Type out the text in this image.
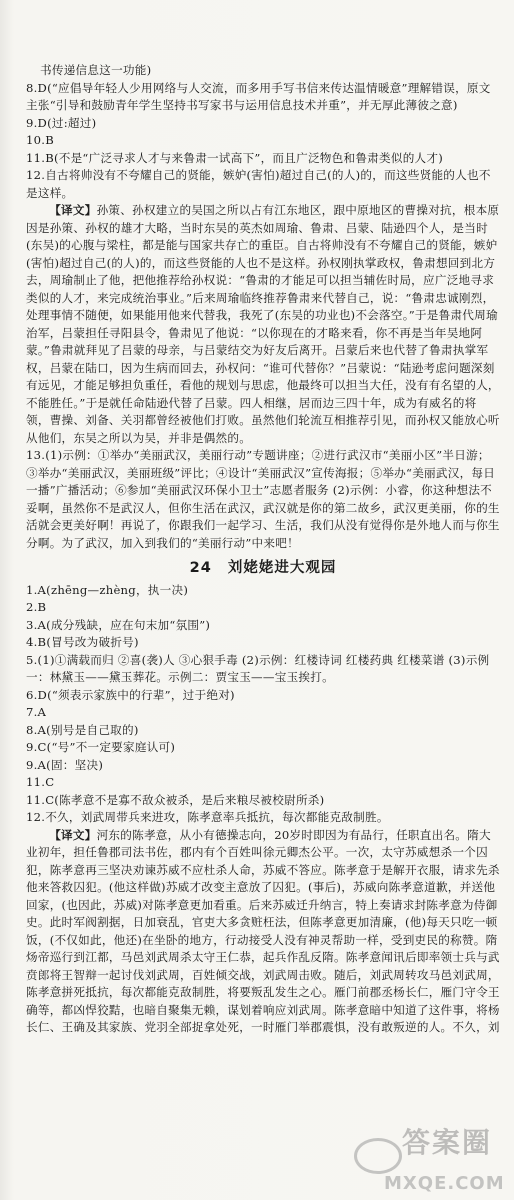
书传递信息这一功能)

8.D(“应倡导年轻人少用网络与人交流，而多用手写书信来传达温情暖意”理解错误，原文主张“引导和鼓励青年学生坚持书写家书与运用信息技术并重”，并无厚此薄彼之意)

9.D(过:超过)

10.B

11.B(不是“广泛寻求人才与来鲁肃一试高下”，而且广泛物色和鲁肃类似的人才)

12.自古将帅没有不夸耀自己的贤能，嫉妒(害怕)超过自己(的人)的，而这些贤能的人也不是这样。

【译文】孙策、孙权建立的吴国之所以占有江东地区，跟中原地区的曹操对抗，根本原因是孙策、孙权的雄才大略，当时东吴的英杰如周瑜、鲁肃、吕蒙、陆逊四个人，是当时(东吴)的心腹与梁柱，都是能与国家共存亡的重臣。自古将帅没有不夸耀自己的贤能，嫉妒(害怕)超过自己(的人)的，而这些贤能的人也不是这样。孙权刚执掌政权，鲁肃想回到北方去，周瑜制止了他，把他推荐给孙权说：“鲁肃的才能足可以担当辅佐时局，应广泛地寻求类似的人才，来完成统治事业。”后来周瑜临终推荐鲁肃来代替自己，说：“鲁肃忠诚刚烈，处理事情不随便，如果能用他来代替我，我死了(东吴的功业也)不会落空。”于是鲁肃代周瑜治军，吕蒙担任寻阳县令，鲁肃见了他说：“以你现在的才略来看，你不再是当年吴地阿蒙。”鲁肃就拜见了吕蒙的母亲，与吕蒙结交为好友后离开。吕蒙后来也代替了鲁肃执掌军权，吕蒙在陆口，因为生病而回去，孙权问：“谁可代替你？”吕蒙说：“陆逊考虑问题深刻有远见，才能足够担负重任，看他的规划与思虑，他最终可以担当大任，没有有名望的人，不能胜任。”于是就任命陆逊代替了吕蒙。四人相继，居而边三四十年，成为有威名的将领，曹操、刘备、关羽都曾经被他们打败。虽然他们轮流互相推荐引见，而孙权又能放心听从他们，东吴之所以为吴，并非是偶然的。

13.(1)示例：①举办“美丽武汉，美丽行动”专题讲座；②进行武汉市“美丽小区”半日游；③举办“美丽武汉，美丽班级”评比；④设计“美丽武汉”宣传海报；⑤举办“美丽武汉，每日一播”广播活动；⑥参加“美丽武汉环保小卫士”志愿者服务 (2)示例：小睿，你这种想法不妥啊，虽然你不是武汉人，但你生活在武汉，武汉就是你的第二故乡，武汉更美丽，你的生活就会更美好啊！再说了，你跟我们一起学习、生活，我们从没有觉得你是外地人而与你生分啊。为了武汉，加入到我们的“美丽行动”中来吧！

24 刘姥姥进大观园

1.A(zhēng—zhèng，执一决)

2.B

3.A(成分残缺，应在句末加“氛围”)

4.B(冒号改为破折号)

5.(1)①满载而归 ②喜(袭)人 ③心狠手毒 (2)示例：红楼诗词 红楼药典 红楼菜谱 (3)示例一：林黛玉——黛玉葬花。示例二：贾宝玉——宝玉挨打。

6.D(“须表示家族中的行辈”，过于绝对)

7.A

8.A(别号是自己取的)

9.C(“号”不一定要家庭认可)

9.A(固：坚决)

11.C

11.C(陈孝意不是寡不敌众被杀，是后来粮尽被校尉所杀)

12.不久，刘武周带兵来进攻，陈孝意率兵抵抗，每次都能克敌制胜。

【译文】河东的陈孝意，从小有德操志向，20岁时即因为有品行，任职直出名。隋大业初年，担任鲁郡司法书佐，郡内有个百姓叫徐元卿杰公平。一次，太守苏威想杀一个囚犯，陈孝意再三坚决劝谏苏威不应杜杀人命，苏威不答应。陈孝意于是解开衣服，请求先杀他来答救囚犯。(他这样做)苏威才改变主意放了囚犯。(事后)，苏威向陈孝意道歉，并送他回家，(也因此，苏威)对陈孝意更加看重。后来苏威迁升纳言，特上奏请求封陈孝意为侍御史。此时军阀割据，日加衰乱，官吏大多贪赃枉法，但陈孝意更加清廉，(他)每天只吃一顿饭，(不仅如此，他还)在坐卧的地方，行动接受人没有神灵帮助一样，受到吏民的称赞。隋炀帝巡行到江都，马邑刘武周杀太守王仁恭，起兵作乱反隋。陈孝意闻讯后即率领士兵与武贲郎将王智辩一起讨伐刘武周，百姓倾交战，刘武周击败。随后，刘武周转攻马邑刘武周，陈孝意拼死抵抗，每次都能克敌制胜，将要叛乱发生之心。雁门前郡丞杨长仁，雁门守令王确等，都凶悍狡黠，也暗自聚集无赖，谋划着响应刘武周。陈孝意暗中知道了这件事，将杨长仁、王确及其家族、党羽全部捉拿处死，一时雁门举郡震惧，没有敢叛逆的人。不久，刘

答案圈
MXQE.COM
